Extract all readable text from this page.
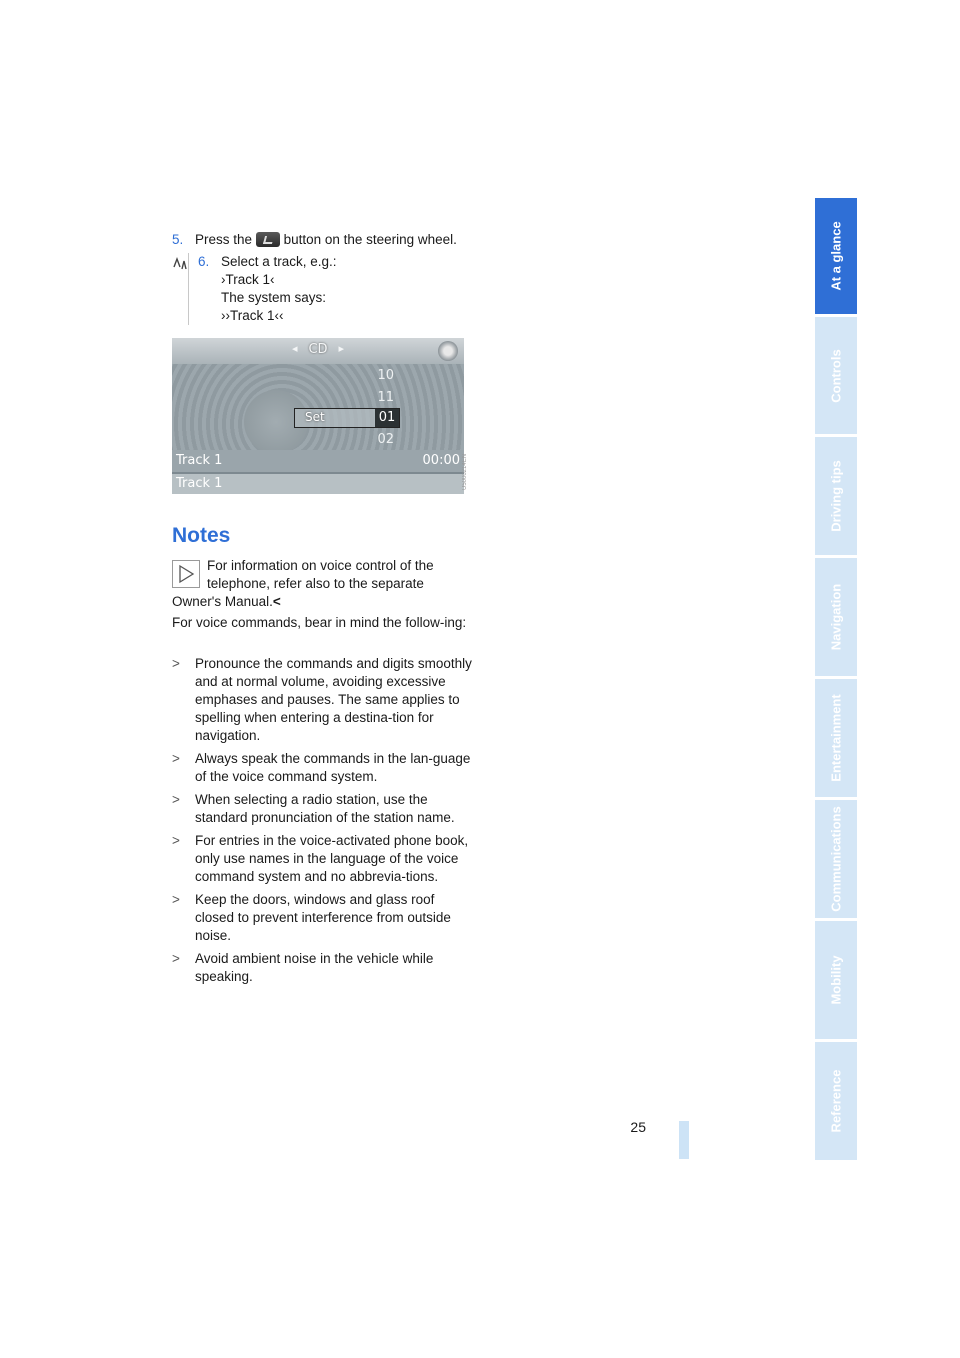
5. Press the button on the steering wheel.
6. Select a track, e.g.:
›Track 1‹
The system says:
››Track 1‹‹
CD
◂	▸
10
11
02
Set	01
Track 1	00:00
Track 1	U5000214EN
Notes
For information on voice control of the
telephone, refer also to the separate
Owner's Manual.<
For voice commands, bear in mind the follow-ing:
> Pronounce the commands and digits smoothly and at normal volume, avoiding excessive emphases and pauses. The same applies to spelling when entering a destina-tion for navigation.
> Always speak the commands in the lan-guage of the voice command system.
> When selecting a radio station, use the standard pronunciation of the station name.
> For entries in the voice-activated phone book, only use names in the language of the voice command system and no abbrevia-tions.
> Keep the doors, windows and glass roof closed to prevent interference from outside noise.
> Avoid ambient noise in the vehicle while speaking.
25
At a glance
Controls
Driving tips
Navigation
Entertainment
Communications
Mobility
Reference
